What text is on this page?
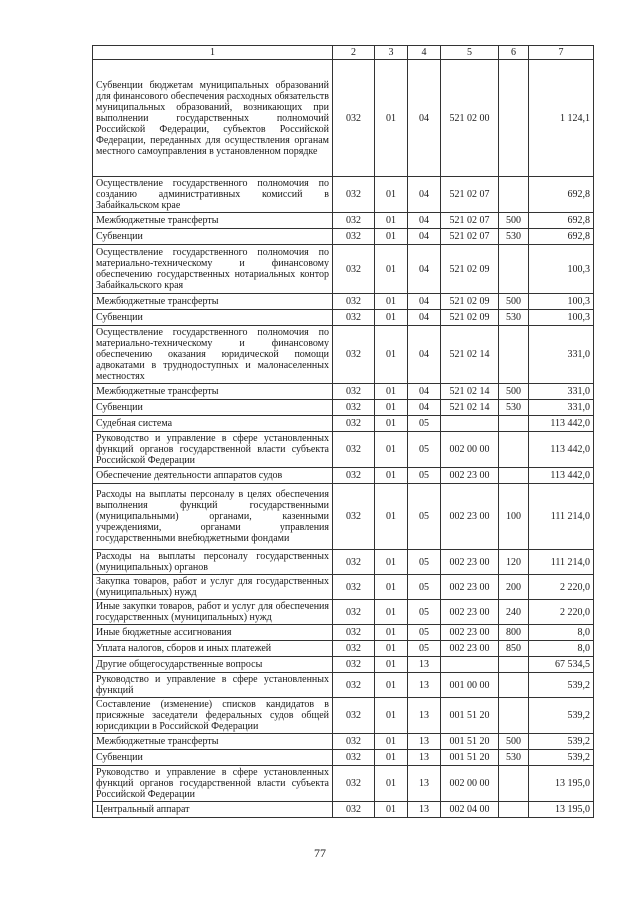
1	2	3	4	5	6	7
Субвенции бюджетам муниципальных образований для финансового обеспечения расходных обязательств муниципальных образований, возникающих при выполнении государственных полномочий Российской Федерации, субъектов Российской Федерации, переданных для осуществления органам местного самоуправления в установленном порядке	032	01	04	521 02 00		1 124,1
Осуществление государственного полномочия по созданию административных комиссий в Забайкальском крае	032	01	04	521 02 07		692,8
Межбюджетные трансферты	032	01	04	521 02 07	500	692,8
Субвенции	032	01	04	521 02 07	530	692,8
Осуществление государственного полномочия по материально-техническому и финансовому обеспечению государственных нотариальных контор Забайкальского края	032	01	04	521 02 09		100,3
Межбюджетные трансферты	032	01	04	521 02 09	500	100,3
Субвенции	032	01	04	521 02 09	530	100,3
Осуществление государственного полномочия по материально-техническому и финансовому обеспечению оказания юридической помощи адвокатами в труднодоступных и малонаселенных местностях	032	01	04	521 02 14		331,0
Межбюджетные трансферты	032	01	04	521 02 14	500	331,0
Субвенции	032	01	04	521 02 14	530	331,0
Судебная система	032	01	05			113 442,0
Руководство и управление в сфере установленных функций органов государственной власти субъекта Российской Федерации	032	01	05	002 00 00		113 442,0
Обеспечение деятельности аппаратов судов	032	01	05	002 23 00		113 442,0
Расходы на выплаты персоналу в целях обеспечения выполнения функций государственными (муниципальными) органами, казенными учреждениями, органами управления государственными внебюджетными фондами	032	01	05	002 23 00	100	111 214,0
Расходы на выплаты персоналу государственных (муниципальных) органов	032	01	05	002 23 00	120	111 214,0
Закупка товаров, работ и услуг для государственных (муниципальных) нужд	032	01	05	002 23 00	200	2 220,0
Иные закупки товаров, работ и услуг для обеспечения государственных (муниципальных) нужд	032	01	05	002 23 00	240	2 220,0
Иные бюджетные ассигнования	032	01	05	002 23 00	800	8,0
Уплата налогов, сборов и иных платежей	032	01	05	002 23 00	850	8,0
Другие общегосударственные вопросы	032	01	13			67 534,5
Руководство и управление в сфере установленных функций	032	01	13	001 00 00		539,2
Составление (изменение) списков кандидатов в присяжные заседатели федеральных судов общей юрисдикции в Российской Федерации	032	01	13	001 51 20		539,2
Межбюджетные трансферты	032	01	13	001 51 20	500	539,2
Субвенции	032	01	13	001 51 20	530	539,2
Руководство и управление в сфере установленных функций органов государственной власти субъекта Российской Федерации	032	01	13	002 00 00		13 195,0
Центральный аппарат	032	01	13	002 04 00		13 195,0
77
